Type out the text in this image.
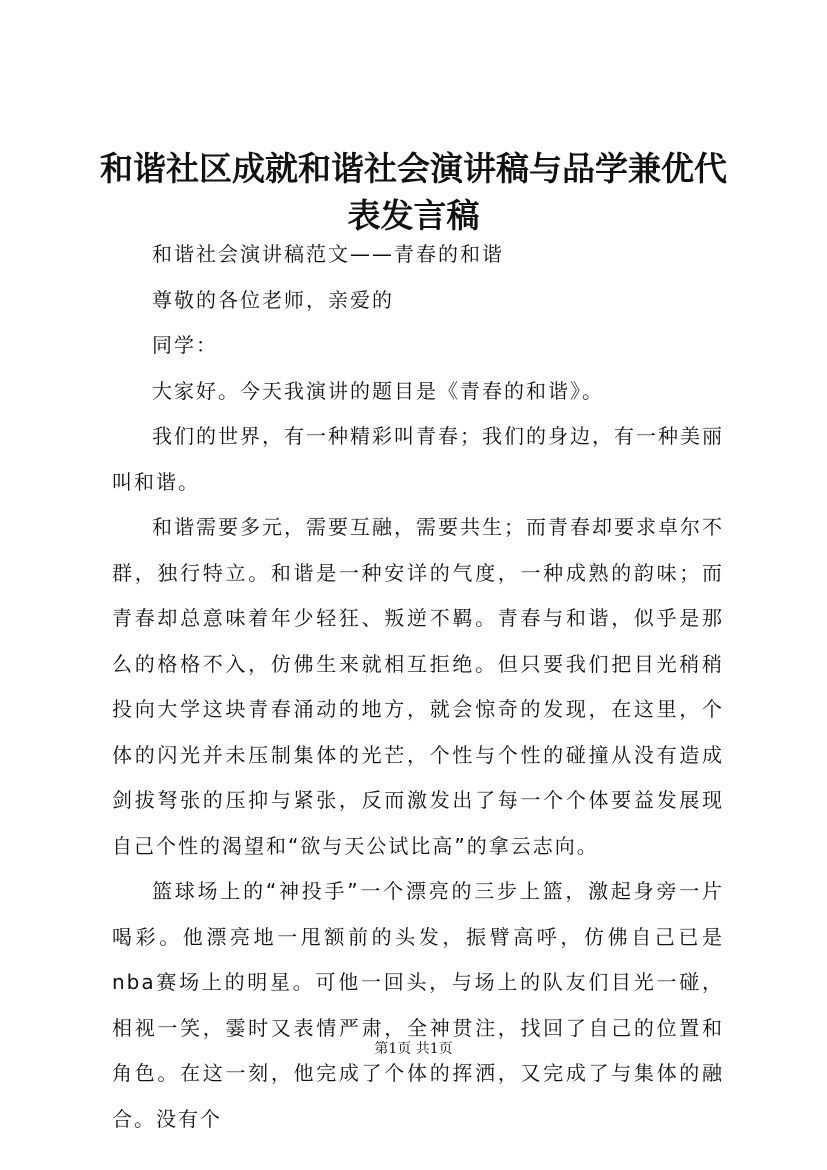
和谐社区成就和谐社会演讲稿与品学兼优代表发言稿

和谐社会演讲稿范文——青春的和谐

尊敬的各位老师，亲爱的

同学：

大家好。今天我演讲的题目是《青春的和谐》。

我们的世界，有一种精彩叫青春；我们的身边，有一种美丽叫和谐。

和谐需要多元，需要互融，需要共生；而青春却要求卓尔不群，独行特立。和谐是一种安详的气度，一种成熟的韵味；而青春却总意味着年少轻狂、叛逆不羁。青春与和谐，似乎是那么的格格不入，仿佛生来就相互拒绝。但只要我们把目光稍稍投向大学这块青春涌动的地方，就会惊奇的发现，在这里，个体的闪光并未压制集体的光芒，个性与个性的碰撞从没有造成剑拔弩张的压抑与紧张，反而激发出了每一个个体要益发展现自己个性的渴望和“欲与天公试比高”的拿云志向。

篮球场上的“神投手”一个漂亮的三步上篮，激起身旁一片喝彩。他漂亮地一甩额前的头发，振臂高呼，仿佛自己已是nba赛场上的明星。可他一回头，与场上的队友们目光一碰，相视一笑，霎时又表情严肃，全神贯注，找回了自己的位置和角色。在这一刻，他完成了个体的挥洒，又完成了与集体的融合。没有个

第1页 共1页
